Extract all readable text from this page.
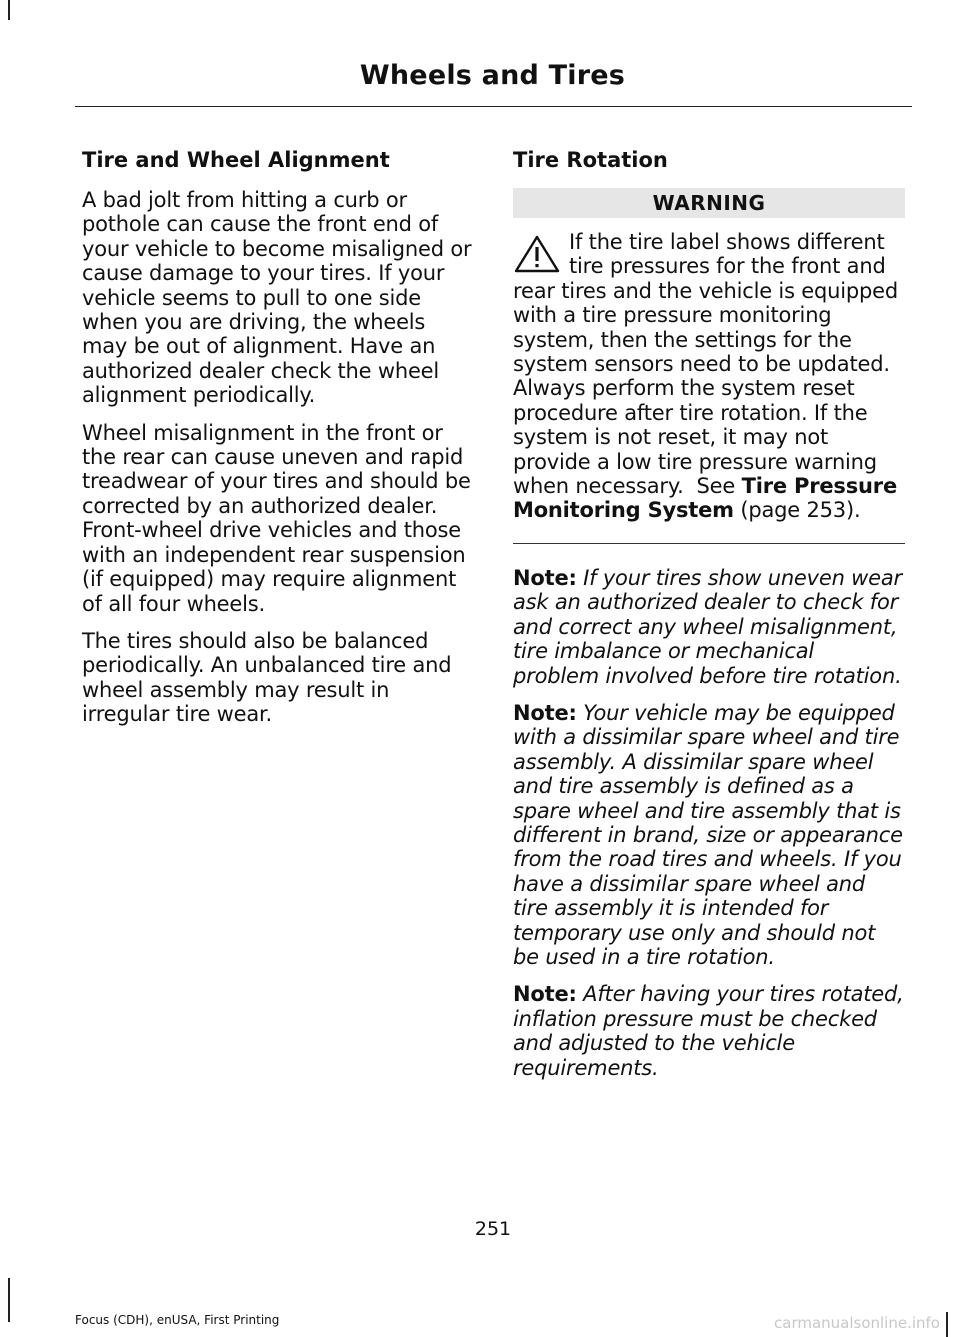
Wheels and Tires
Tire and Wheel Alignment

A bad jolt from hitting a curb or pothole can cause the front end of your vehicle to become misaligned or cause damage to your tires. If your vehicle seems to pull to one side when you are driving, the wheels may be out of alignment. Have an authorized dealer check the wheel alignment periodically.

Wheel misalignment in the front or the rear can cause uneven and rapid treadwear of your tires and should be corrected by an authorized dealer. Front-wheel drive vehicles and those with an independent rear suspension (if equipped) may require alignment of all four wheels.

The tires should also be balanced periodically. An unbalanced tire and wheel assembly may result in irregular tire wear.

Tire Rotation
WARNING

If the tire label shows different tire pressures for the front and rear tires and the vehicle is equipped with a tire pressure monitoring system, then the settings for the system sensors need to be updated. Always perform the system reset procedure after tire rotation. If the system is not reset, it may not provide a low tire pressure warning when necessary. See Tire Pressure Monitoring System (page 253).

Note: If your tires show uneven wear ask an authorized dealer to check for and correct any wheel misalignment, tire imbalance or mechanical problem involved before tire rotation.

Note: Your vehicle may be equipped with a dissimilar spare wheel and tire assembly. A dissimilar spare wheel and tire assembly is defined as a spare wheel and tire assembly that is different in brand, size or appearance from the road tires and wheels. If you have a dissimilar spare wheel and tire assembly it is intended for temporary use only and should not be used in a tire rotation.

Note: After having your tires rotated, inflation pressure must be checked and adjusted to the vehicle requirements.

251
Focus (CDH), enUSA, First Printing	carmanualsonline.info
